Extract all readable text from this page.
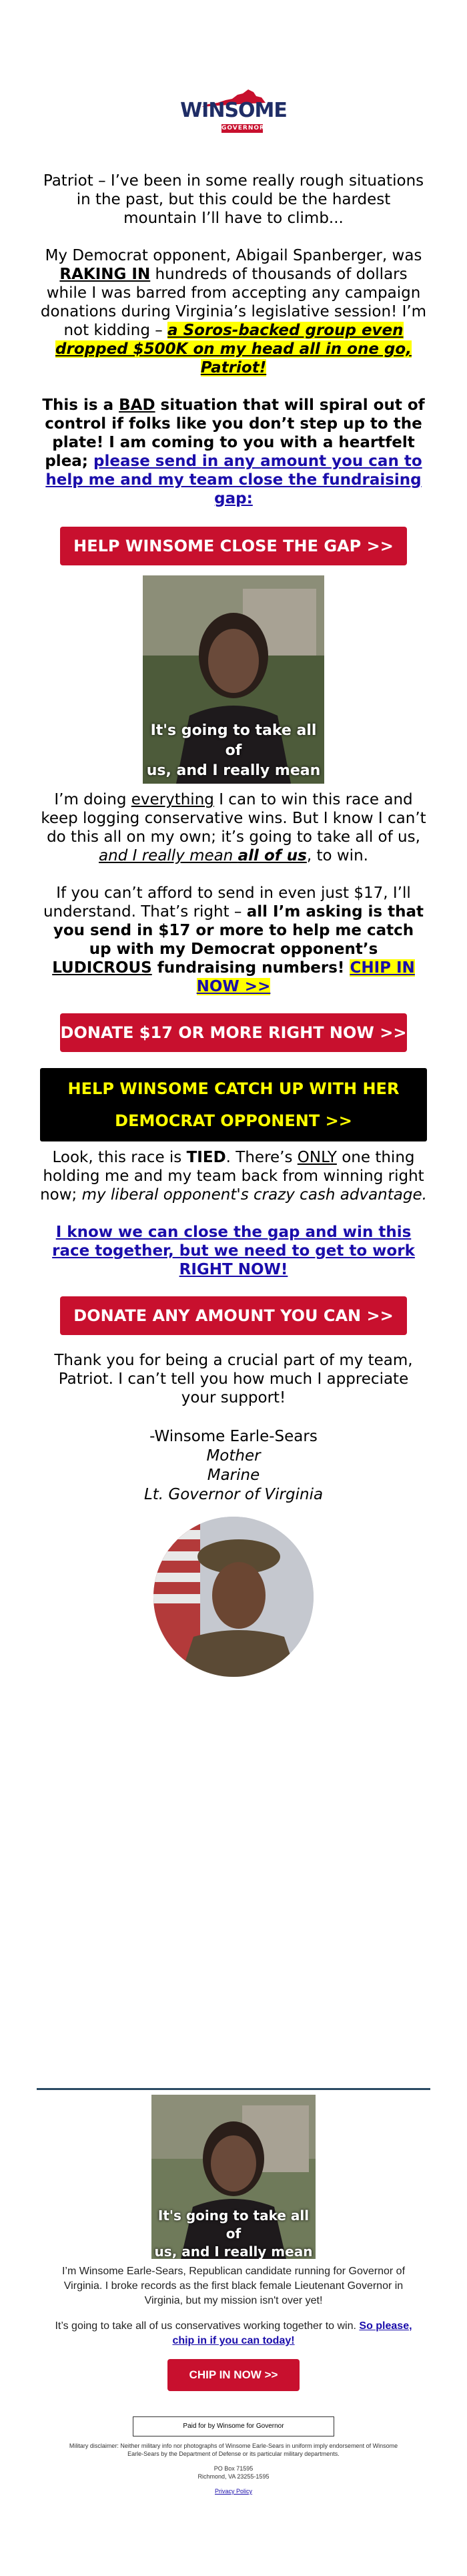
WINSOME
GOVERNOR

Patriot – I’ve been in some really rough situations in the past, but this could be the hardest mountain I’ll have to climb...

My Democrat opponent, Abigail Spanberger, was RAKING IN hundreds of thousands of dollars while I was barred from accepting any campaign donations during Virginia’s legislative session! I’m not kidding – a Soros-backed group even dropped $500K on my head all in one go, Patriot!

This is a BAD situation that will spiral out of control if folks like you don’t step up to the plate! I am coming to you with a heartfelt plea; please send in any amount you can to help me and my team close the fundraising gap:

HELP WINSOME CLOSE THE GAP >>
It's going to take all of
us, and I really mean

I’m doing everything I can to win this race and keep logging conservative wins. But I know I can’t do this all on my own; it’s going to take all of us, and I really mean all of us, to win.

If you can’t afford to send in even just $17, I’ll understand. That’s right – all I’m asking is that you send in $17 or more to help me catch up with my Democrat opponent’s LUDICROUS fundraising numbers! CHIP IN NOW >>

DONATE $17 OR MORE RIGHT NOW >>
HELP WINSOME CATCH UP WITH HER
DEMOCRAT OPPONENT >>

Look, this race is TIED. There’s ONLY one thing holding me and my team back from winning right now; my liberal opponent's crazy cash advantage.

I know we can close the gap and win this race together, but we need to get to work RIGHT NOW!

DONATE ANY AMOUNT YOU CAN >>

Thank you for being a crucial part of my team, Patriot. I can’t tell you how much I appreciate your support!

-Winsome Earle-Sears
Mother
Marine
Lt. Governor of Virginia
It's going to take all of
us, and I really mean

I’m Winsome Earle-Sears, Republican candidate running for Governor of Virginia. I broke records as the first black female Lieutenant Governor in Virginia, but my mission isn't over yet!

It’s going to take all of us conservatives working together to win. So please, chip in if you can today!

CHIP IN NOW >>
Paid for by Winsome for Governor

Military disclaimer: Neither military info nor photographs of Winsome Earle-Sears in uniform imply endorsement of Winsome Earle-Sears by the Department of Defense or its particular military departments.

PO Box 71595

Richmond, VA 23255-1595

Privacy Policy
